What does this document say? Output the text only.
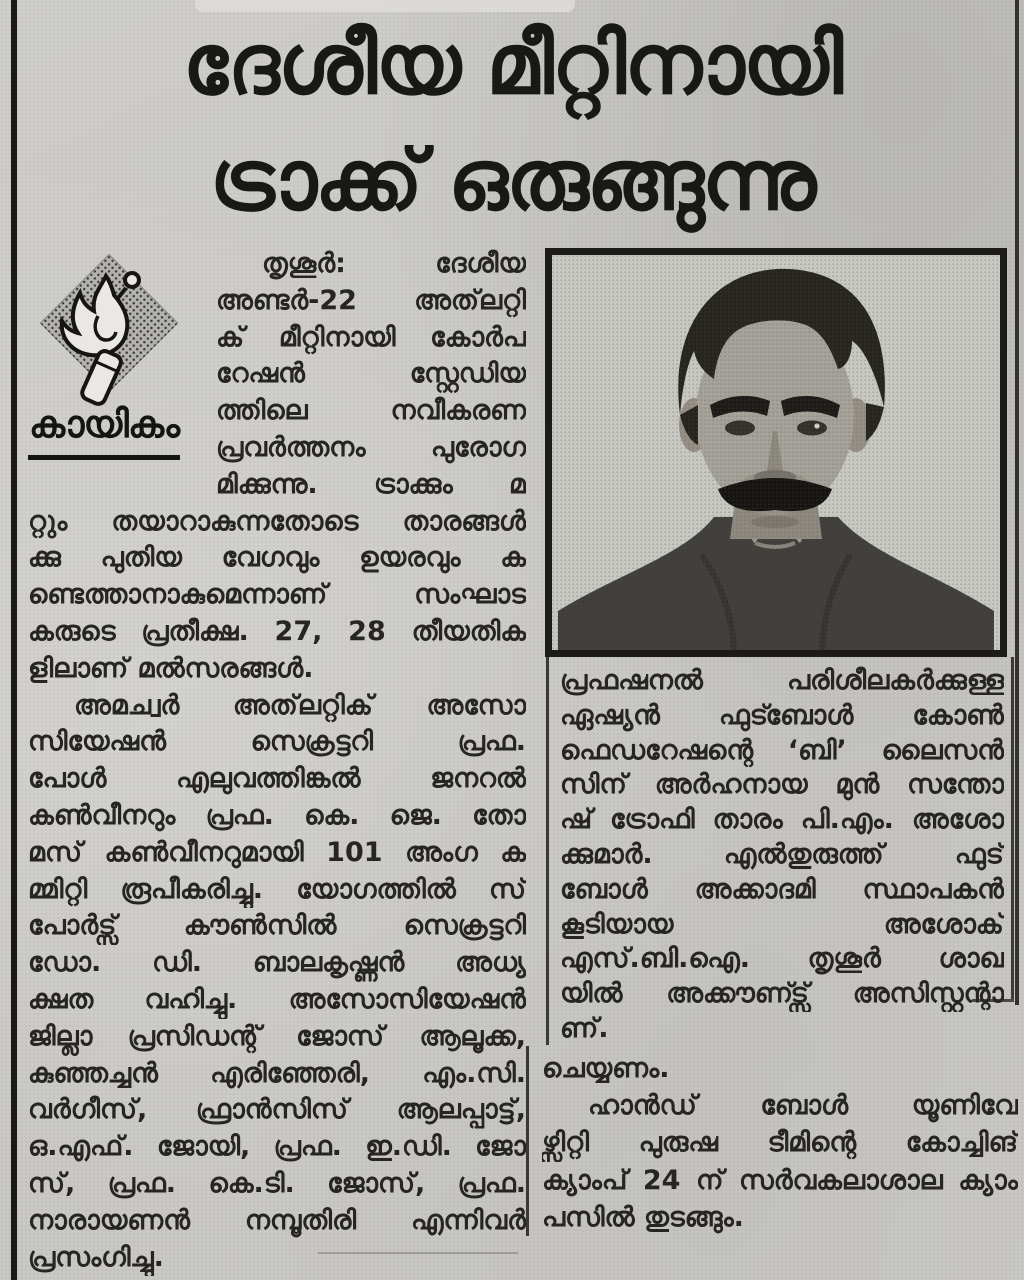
ദേശീയ മീറ്റിനായി
ട്രാക്ക് ഒരുങ്ങുന്നു
കായികം
തൃശൂർ: ദേശീയ
അണ്ടർ-22 അത്‌ലറ്റി
ക് മീറ്റിനായി കോർപ
റേഷൻ സ്റ്റേഡിയ
ത്തിലെ നവീകരണ
പ്രവർത്തനം പുരോഗ
മിക്കുന്നു. ട്രാക്കും മ
റ്റും തയാറാകുന്നതോടെ താരങ്ങൾ
ക്കു പുതിയ വേഗവും ഉയരവും ക
ണ്ടെത്താനാകുമെന്നാണ് സംഘാട
കരുടെ പ്രതീക്ഷ. 27, 28 തീയതിക
ളിലാണ് മൽസരങ്ങൾ.
അമച്വർ അത്‌ലറ്റിക് അസോ
സിയേഷൻ സെക്രട്ടറി പ്രഫ.
പോൾ എലുവത്തിങ്കൽ ജനറൽ
കൺവീനറും പ്രഫ. കെ. ജെ. തോ
മസ് കൺവീനറുമായി 101 അംഗ ക
മ്മിറ്റി രൂപീകരിച്ചു. യോഗത്തിൽ സ്
പോർട്സ് കൗൺസിൽ സെക്രട്ടറി
ഡോ. ഡി. ബാലകൃഷ്ണൻ അധ്യ
ക്ഷത വഹിച്ചു. അസോസിയേഷൻ
ജില്ലാ പ്രസിഡന്റ് ജോസ് ആലൂക്ക,
കുഞ്ഞച്ചൻ എരിഞ്ഞേരി, എം.സി.
വർഗീസ്, ഫ്രാൻസിസ് ആലപ്പാട്ട്,
ഒ.എഫ്. ജോയി, പ്രഫ. ഇ.ഡി. ജോ
സ്, പ്രഫ. കെ.ടി. ജോസ്, പ്രഫ.
നാരായണൻ നമ്പൂതിരി എന്നിവർ
പ്രസംഗിച്ചു.
പ്രഫഷനൽ പരിശീലകർക്കുള്ള
ഏഷ്യൻ ഫുട്ബോൾ കോൺ
ഫെഡറേഷന്റെ ‘ബി’ ലൈസൻ
സിന് അർഹനായ മുൻ സന്തോ
ഷ് ട്രോഫി താരം പി.എം. അശോ
ക്കുമാർ. എൽതുരുത്ത് ഫുട്
ബോൾ അക്കാദമി സ്ഥാപകൻ
കൂടിയായ അശോക്
എസ്.ബി.ഐ. തൃശൂർ ശാഖ
യിൽ അക്കൗണ്ട്സ് അസിസ്റ്റന്റാ
ണ്.
ചെയ്യണം.
ഹാൻഡ് ബോൾ യൂണിവേ
ഴ്സിറ്റി പുരുഷ ടീമിന്റെ കോച്ചിങ്
ക്യാംപ് 24 ന് സർവകലാശാല ക്യാം
പസിൽ തുടങ്ങും.
